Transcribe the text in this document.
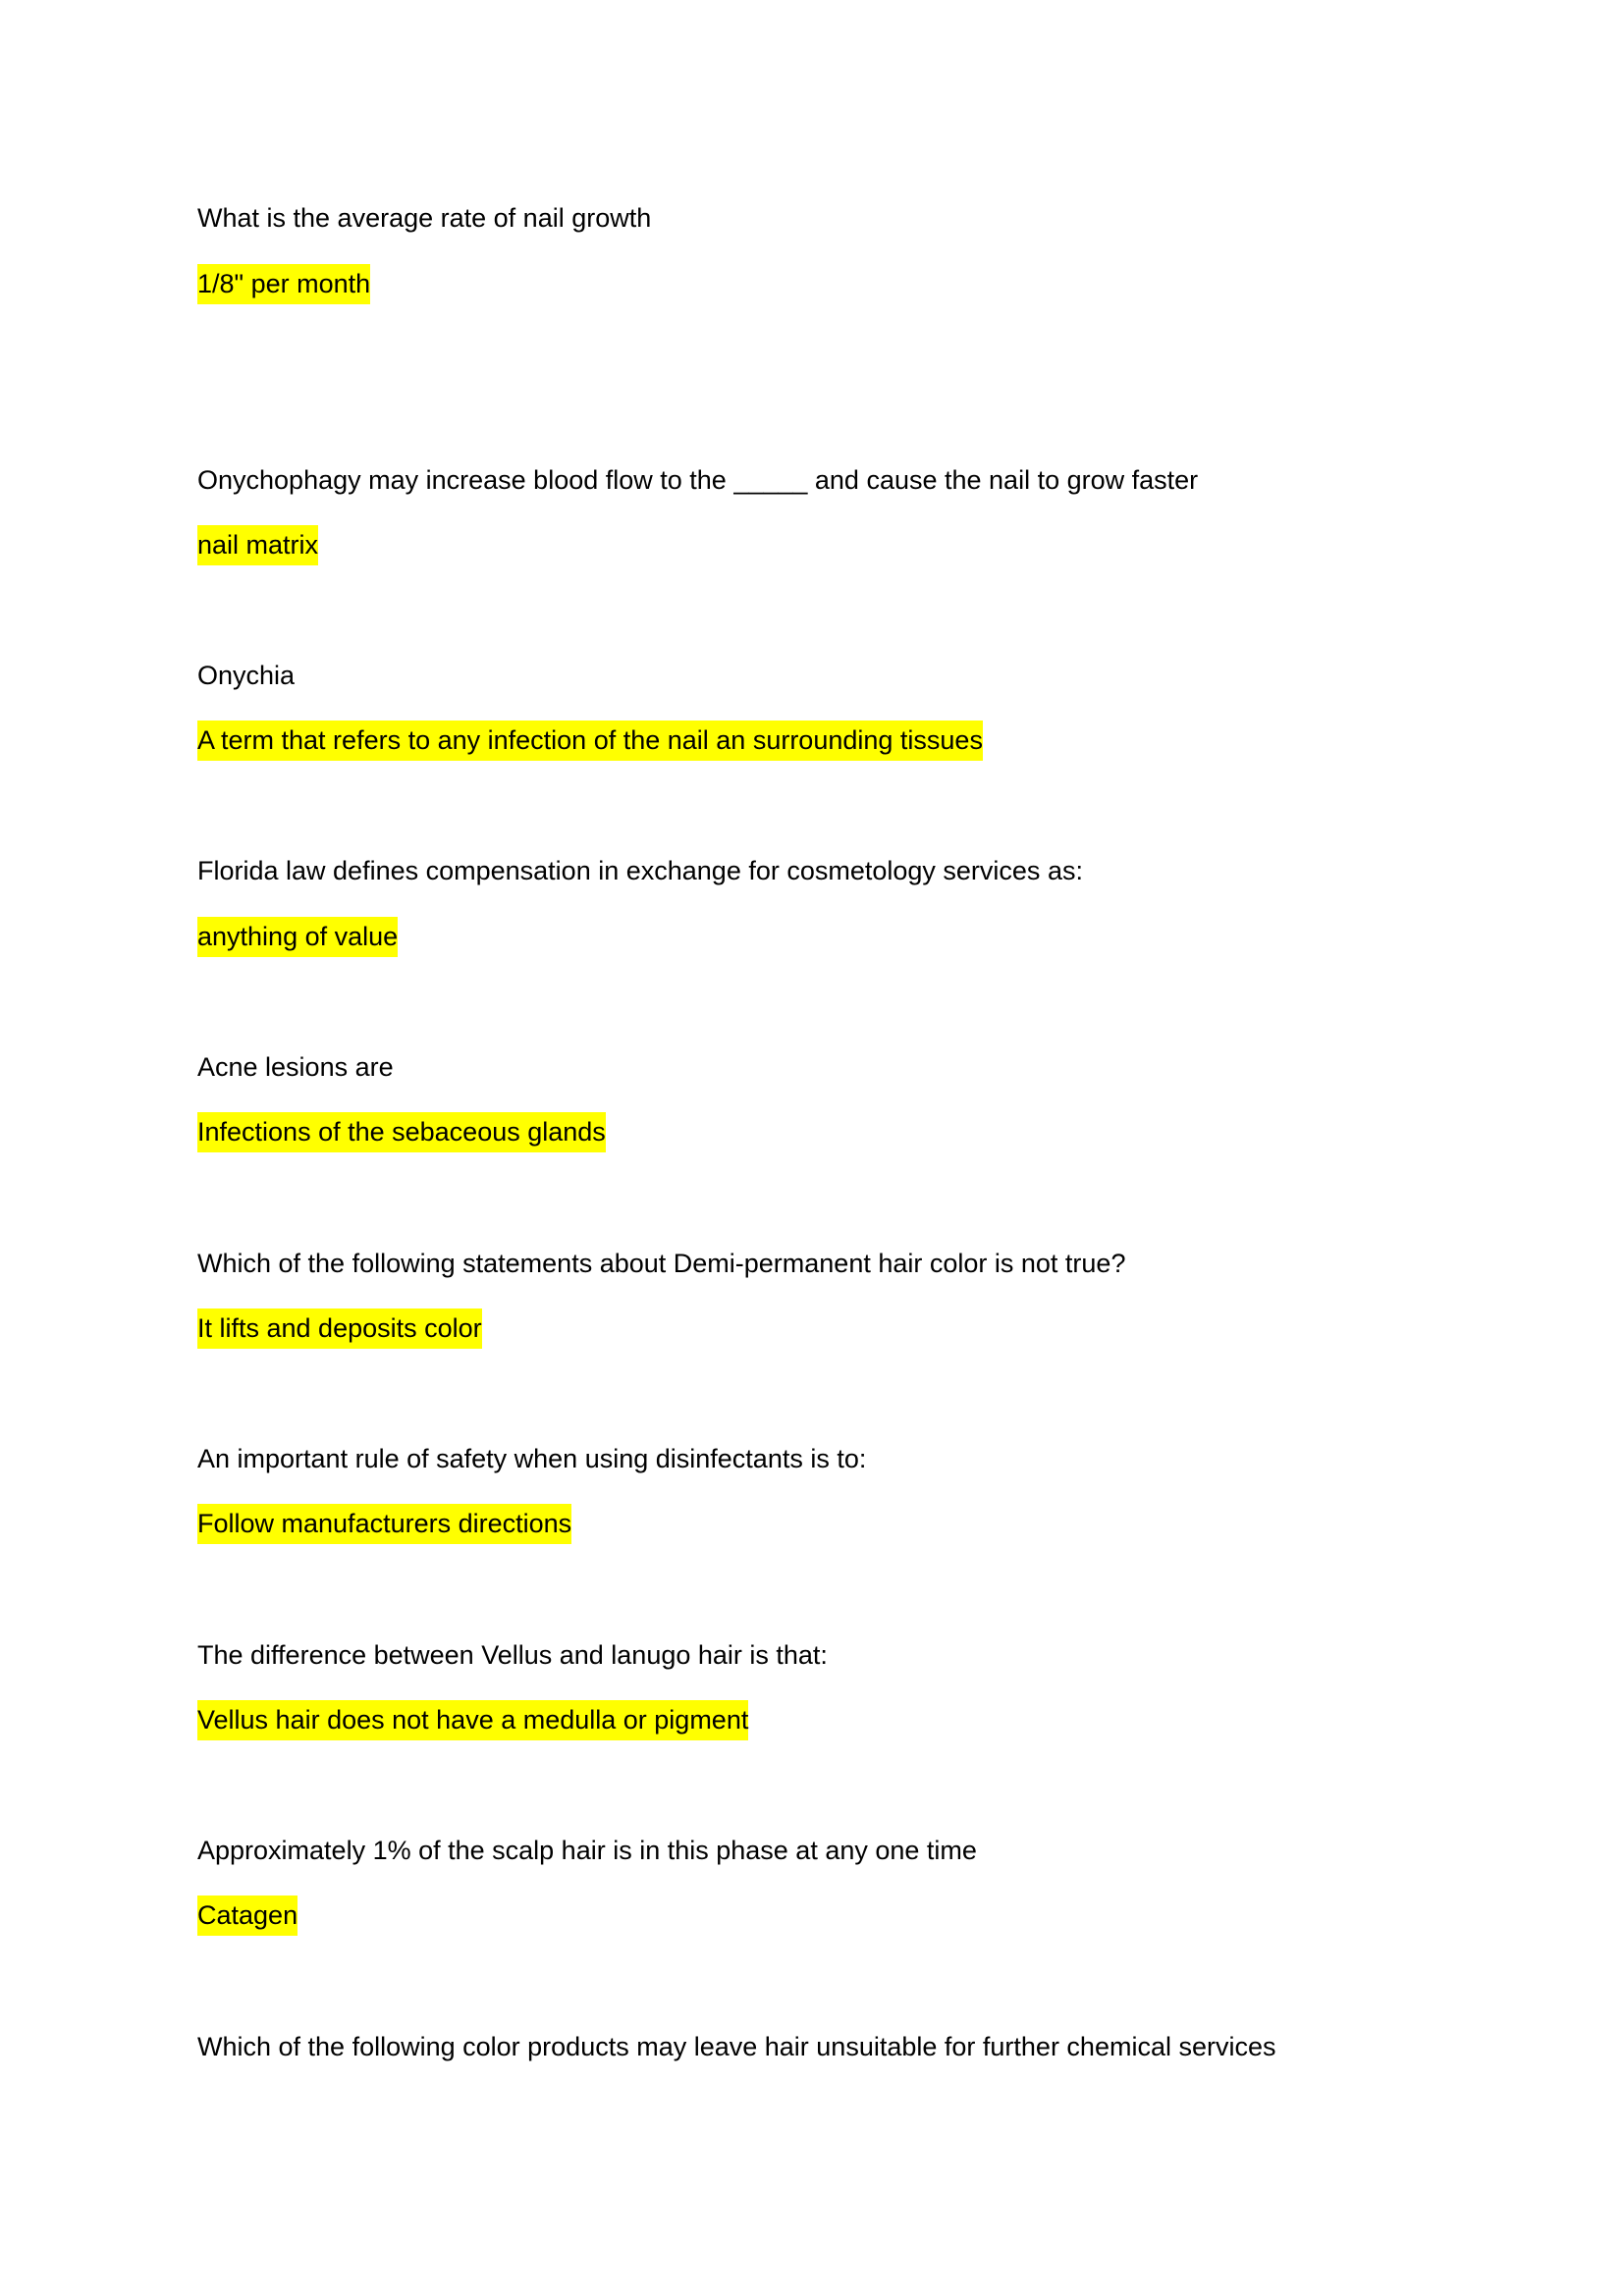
What is the average rate of nail growth
1/8" per month
Onychophagy may increase blood flow to the _____ and cause the nail to grow faster
nail matrix
Onychia
A term that refers to any infection of the nail an surrounding tissues
Florida law defines compensation in exchange for cosmetology services as:
anything of value
Acne lesions are
Infections of the sebaceous glands
Which of the following statements about Demi-permanent hair color is not true?
It lifts and deposits color
An important rule of safety when using disinfectants is to:
Follow manufacturers directions
The difference between Vellus and lanugo hair is that:
Vellus hair does not have a medulla or pigment
Approximately 1% of the scalp hair is in this phase at any one time
Catagen
Which of the following color products may leave hair unsuitable for further chemical services
